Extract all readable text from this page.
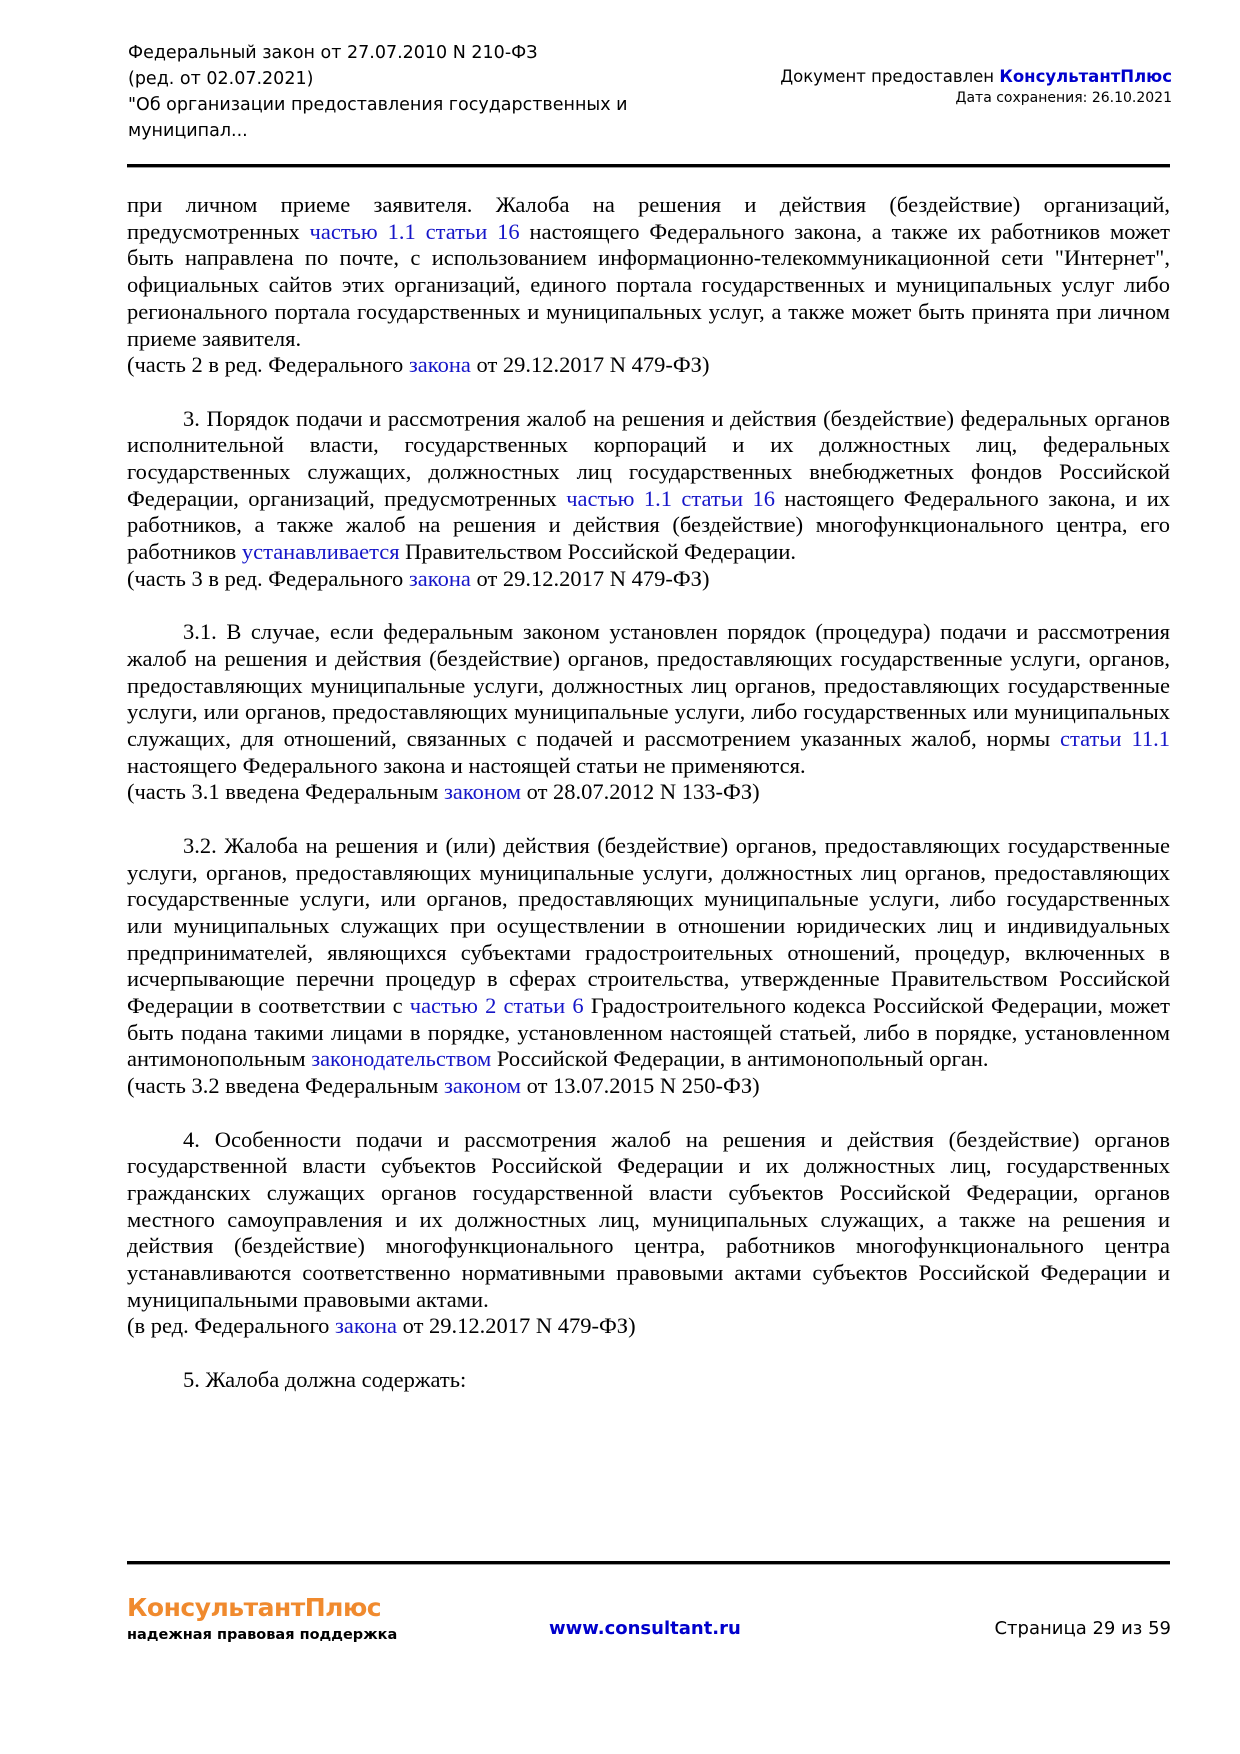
Федеральный закон от 27.07.2010 N 210-ФЗ
(ред. от 02.07.2021)
"Об организации предоставления государственных и
муниципал...
Документ предоставлен КонсультантПлюс
Дата сохранения: 26.10.2021

при личном приеме заявителя. Жалоба на решения и действия (бездействие) организаций, предусмотренных частью 1.1 статьи 16 настоящего Федерального закона, а также их работников может быть направлена по почте, с использованием информационно-телекоммуникационной сети "Интернет", официальных сайтов этих организаций, единого портала государственных и муниципальных услуг либо регионального портала государственных и муниципальных услуг, а также может быть принята при личном приеме заявителя.

(часть 2 в ред. Федерального закона от 29.12.2017 N 479-ФЗ)

3. Порядок подачи и рассмотрения жалоб на решения и действия (бездействие) федеральных органов исполнительной власти, государственных корпораций и их должностных лиц, федеральных государственных служащих, должностных лиц государственных внебюджетных фондов Российской Федерации, организаций, предусмотренных частью 1.1 статьи 16 настоящего Федерального закона, и их работников, а также жалоб на решения и действия (бездействие) многофункционального центра, его работников устанавливается Правительством Российской Федерации.

(часть 3 в ред. Федерального закона от 29.12.2017 N 479-ФЗ)

3.1. В случае, если федеральным законом установлен порядок (процедура) подачи и рассмотрения жалоб на решения и действия (бездействие) органов, предоставляющих государственные услуги, органов, предоставляющих муниципальные услуги, должностных лиц органов, предоставляющих государственные услуги, или органов, предоставляющих муниципальные услуги, либо государственных или муниципальных служащих, для отношений, связанных с подачей и рассмотрением указанных жалоб, нормы статьи 11.1 настоящего Федерального закона и настоящей статьи не применяются.

(часть 3.1 введена Федеральным законом от 28.07.2012 N 133-ФЗ)

3.2. Жалоба на решения и (или) действия (бездействие) органов, предоставляющих государственные услуги, органов, предоставляющих муниципальные услуги, должностных лиц органов, предоставляющих государственные услуги, или органов, предоставляющих муниципальные услуги, либо государственных или муниципальных служащих при осуществлении в отношении юридических лиц и индивидуальных предпринимателей, являющихся субъектами градостроительных отношений, процедур, включенных в исчерпывающие перечни процедур в сферах строительства, утвержденные Правительством Российской Федерации в соответствии с частью 2 статьи 6 Градостроительного кодекса Российской Федерации, может быть подана такими лицами в порядке, установленном настоящей статьей, либо в порядке, установленном антимонопольным законодательством Российской Федерации, в антимонопольный орган.

(часть 3.2 введена Федеральным законом от 13.07.2015 N 250-ФЗ)

4. Особенности подачи и рассмотрения жалоб на решения и действия (бездействие) органов государственной власти субъектов Российской Федерации и их должностных лиц, государственных гражданских служащих органов государственной власти субъектов Российской Федерации, органов местного самоуправления и их должностных лиц, муниципальных служащих, а также на решения и действия (бездействие) многофункционального центра, работников многофункционального центра устанавливаются соответственно нормативными правовыми актами субъектов Российской Федерации и муниципальными правовыми актами.

(в ред. Федерального закона от 29.12.2017 N 479-ФЗ)

5. Жалоба должна содержать:

КонсультантПлюс
надежная правовая поддержка	www.consultant.ru	Страница 29 из 59
